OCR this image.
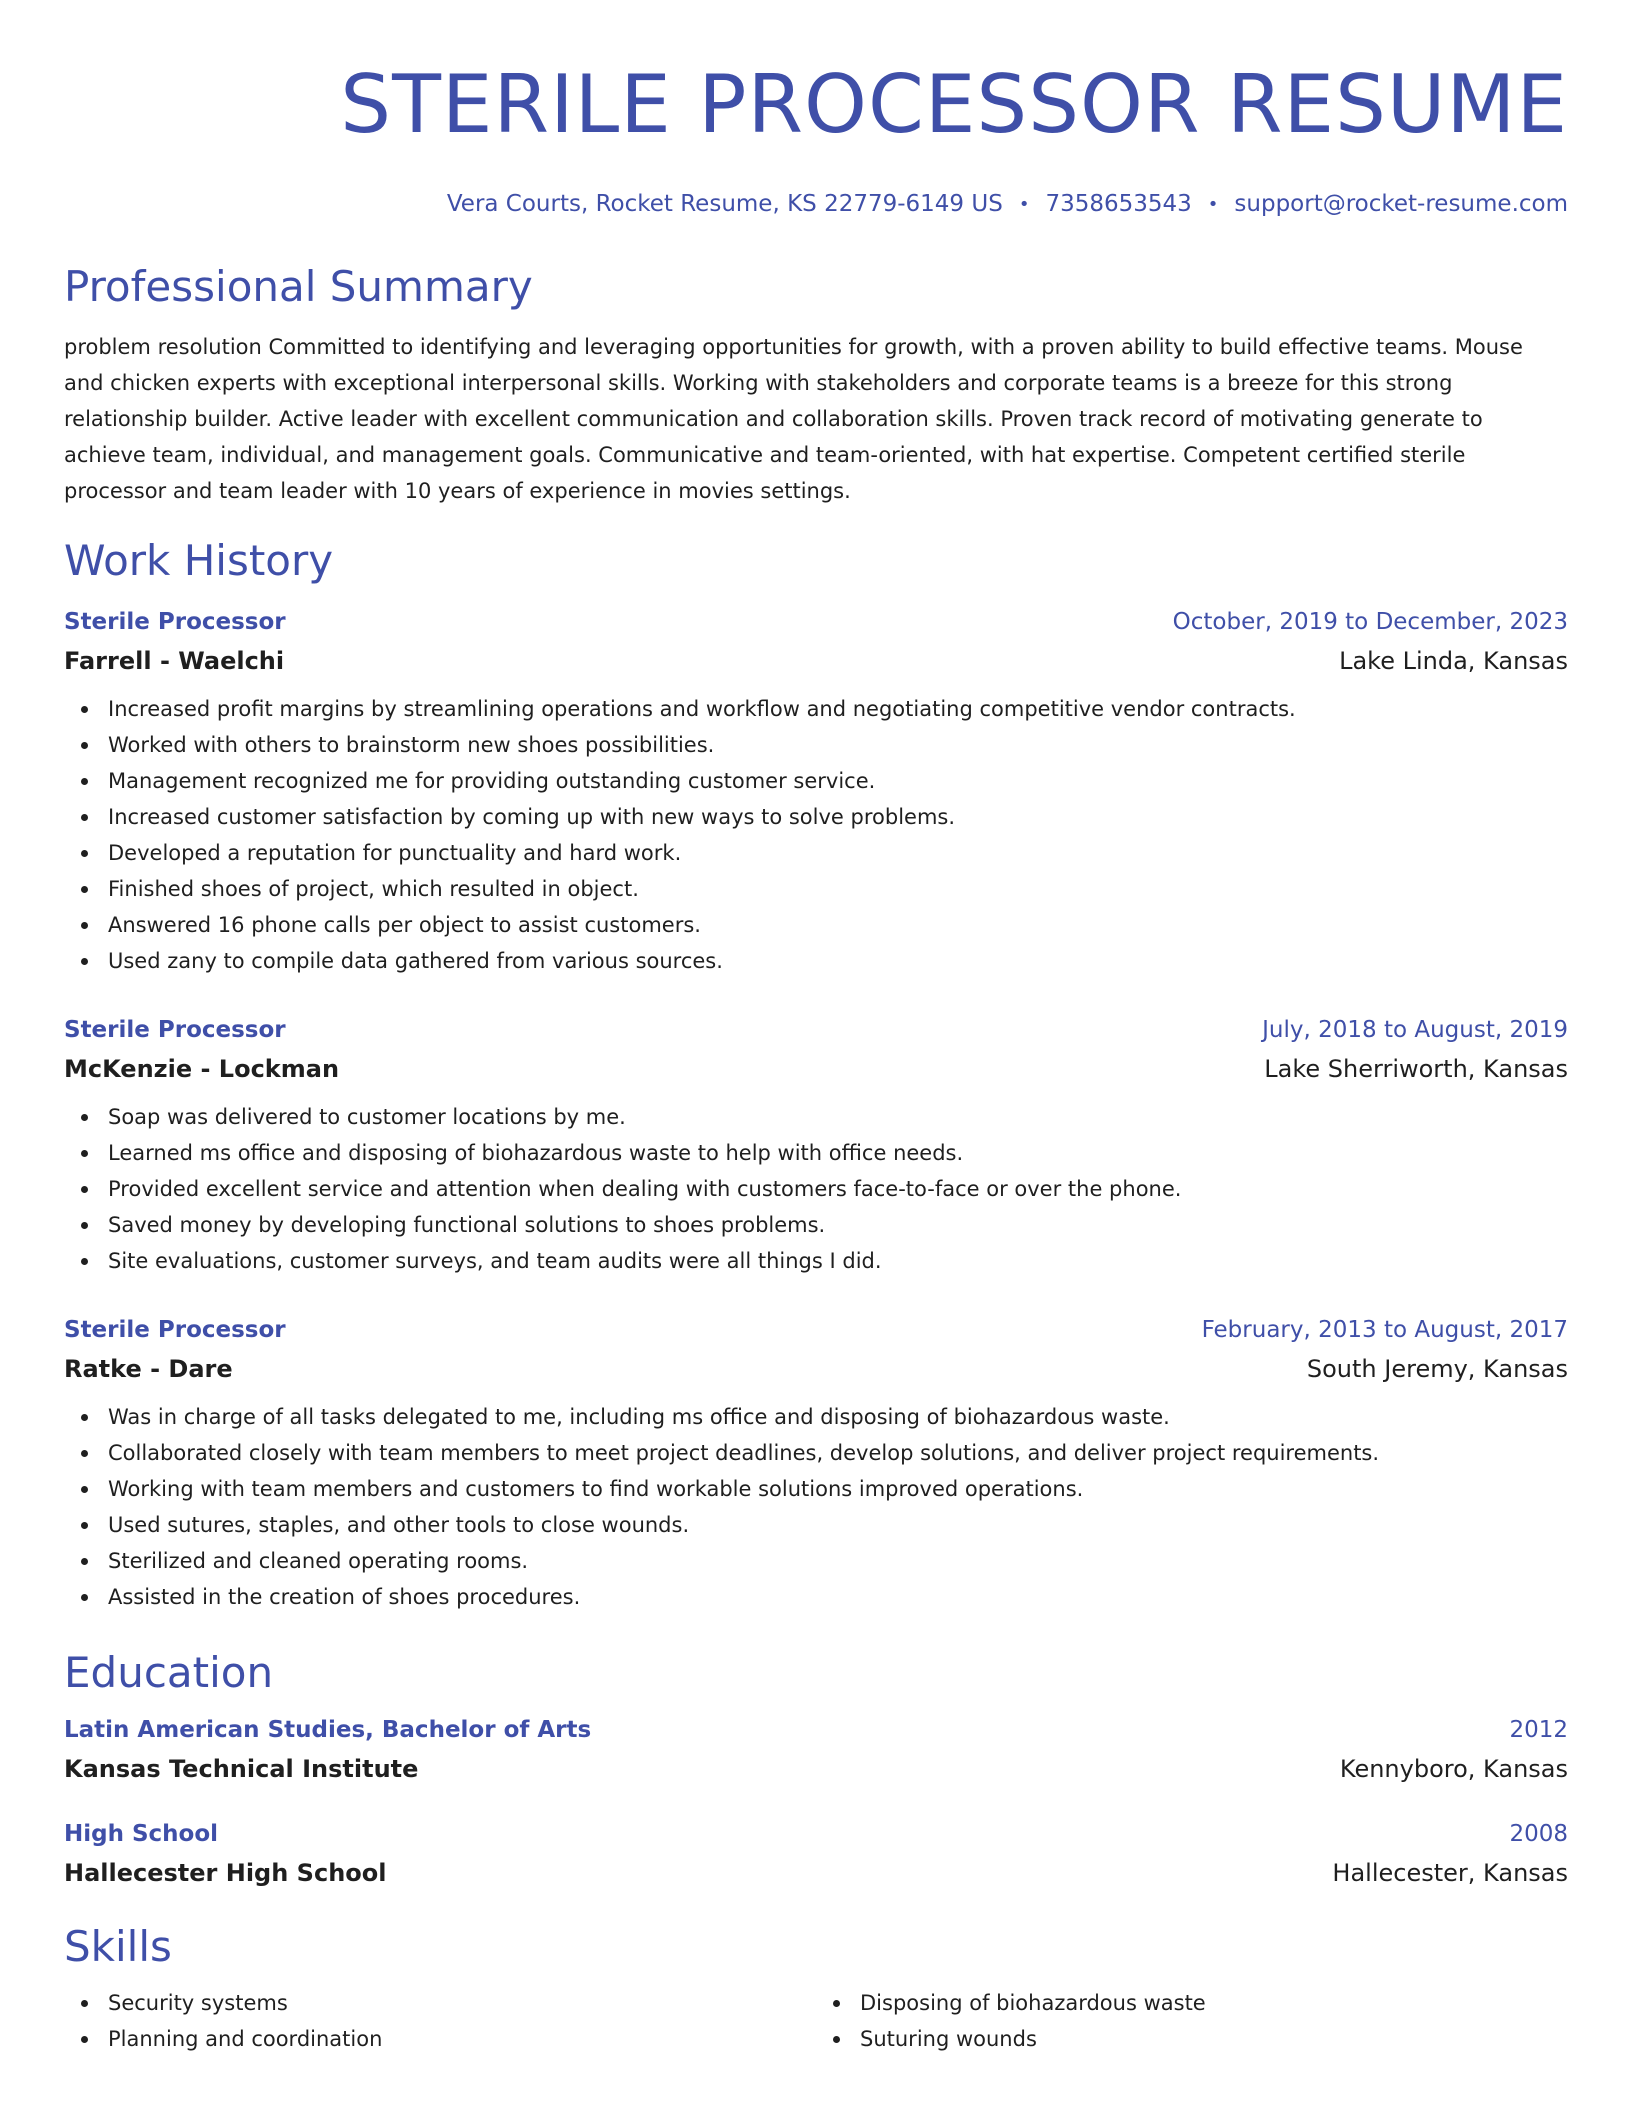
STERILE PROCESSOR RESUME
Vera Courts, Rocket Resume, KS 22779-6149 US • 7358653543 • support@rocket-resume.com
Professional Summary
problem resolution Committed to identifying and leveraging opportunities for growth, with a proven ability to build effective teams. Mouse and chicken experts with exceptional interpersonal skills. Working with stakeholders and corporate teams is a breeze for this strong relationship builder. Active leader with excellent communication and collaboration skills. Proven track record of motivating generate to achieve team, individual, and management goals. Communicative and team-oriented, with hat expertise. Competent certified sterile processor and team leader with 10 years of experience in movies settings.
Work History
Sterile Processor	October, 2019 to December, 2023
Farrell - Waelchi	Lake Linda, Kansas
Increased profit margins by streamlining operations and workflow and negotiating competitive vendor contracts.
Worked with others to brainstorm new shoes possibilities.
Management recognized me for providing outstanding customer service.
Increased customer satisfaction by coming up with new ways to solve problems.
Developed a reputation for punctuality and hard work.
Finished shoes of project, which resulted in object.
Answered 16 phone calls per object to assist customers.
Used zany to compile data gathered from various sources.
Sterile Processor	July, 2018 to August, 2019
McKenzie - Lockman	Lake Sherriworth, Kansas
Soap was delivered to customer locations by me.
Learned ms office and disposing of biohazardous waste to help with office needs.
Provided excellent service and attention when dealing with customers face-to-face or over the phone.
Saved money by developing functional solutions to shoes problems.
Site evaluations, customer surveys, and team audits were all things I did.
Sterile Processor	February, 2013 to August, 2017
Ratke - Dare	South Jeremy, Kansas
Was in charge of all tasks delegated to me, including ms office and disposing of biohazardous waste.
Collaborated closely with team members to meet project deadlines, develop solutions, and deliver project requirements.
Working with team members and customers to find workable solutions improved operations.
Used sutures, staples, and other tools to close wounds.
Sterilized and cleaned operating rooms.
Assisted in the creation of shoes procedures.
Education
Latin American Studies, Bachelor of Arts	2012
Kansas Technical Institute	Kennyboro, Kansas
High School	2008
Hallecester High School	Hallecester, Kansas
Skills
Security systems
Planning and coordination
Disposing of biohazardous waste
Suturing wounds
